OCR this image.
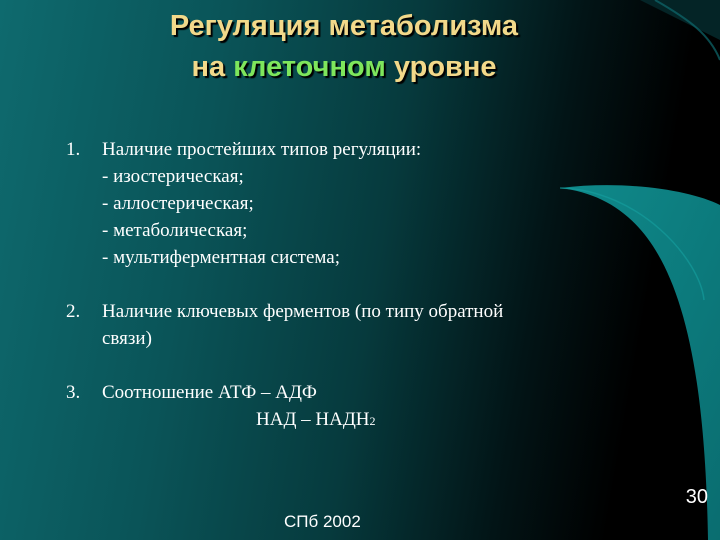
Регуляция метаболизма
на клеточном уровне
1. Наличие простейших типов регуляции:
- изостерическая;
- аллостерическая;
- метаболическая;
- мультиферментная система;
2. Наличие ключевых ферментов (по типу обратной
связи)
3. Соотношение АТФ – АДФ
НАД – НАДН2
30
СПб 2002
